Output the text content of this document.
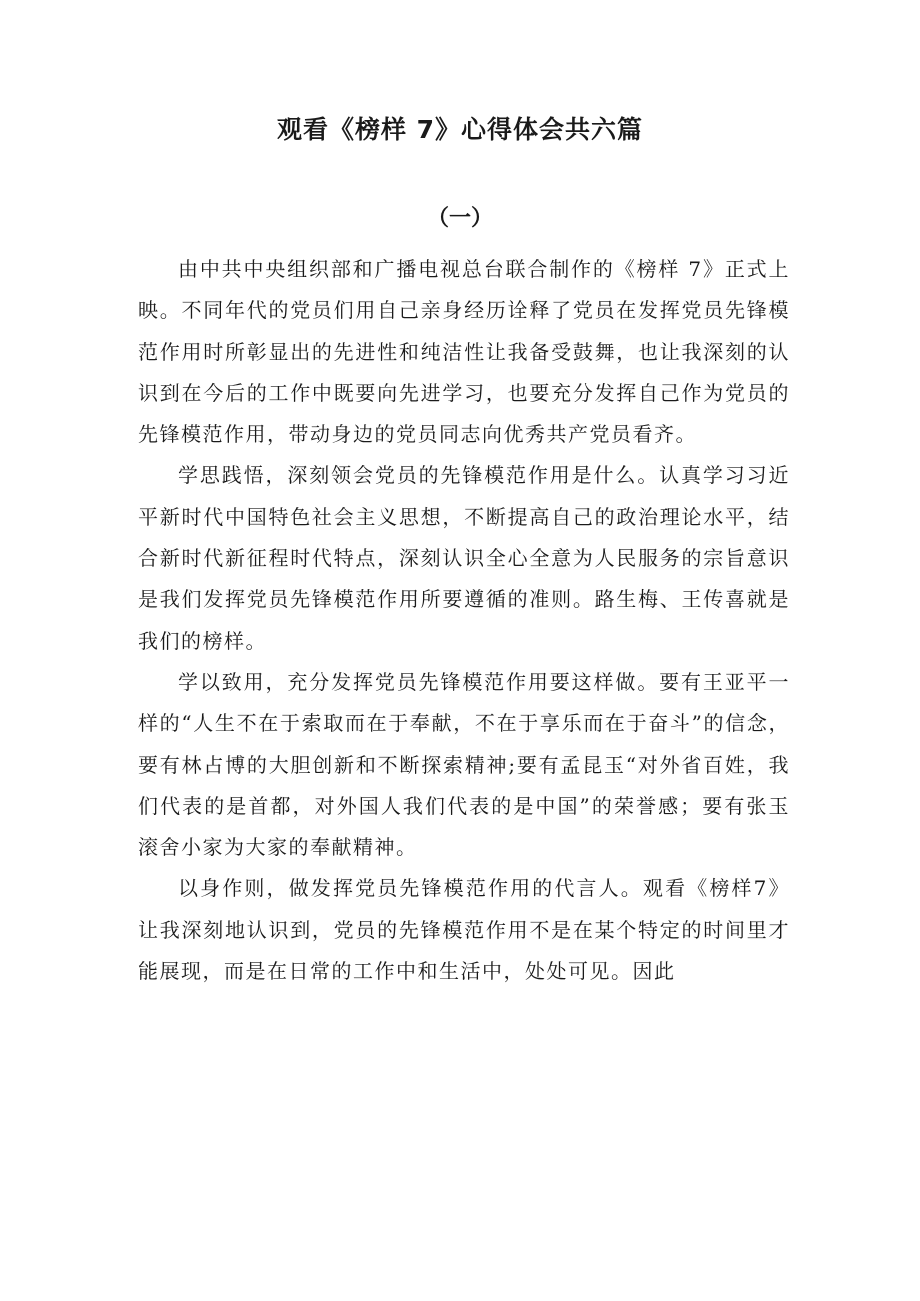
观看《榜样 7》心得体会共六篇
（一）

由中共中央组织部和广播电视总台联合制作的《榜样 7》正式上映。不同年代的党员们用自己亲身经历诠释了党员在发挥党员先锋模范作用时所彰显出的先进性和纯洁性让我备受鼓舞，也让我深刻的认识到在今后的工作中既要向先进学习，也要充分发挥自己作为党员的先锋模范作用，带动身边的党员同志向优秀共产党员看齐。

学思践悟，深刻领会党员的先锋模范作用是什么。认真学习习近平新时代中国特色社会主义思想，不断提高自己的政治理论水平，结合新时代新征程时代特点，深刻认识全心全意为人民服务的宗旨意识是我们发挥党员先锋模范作用所要遵循的准则。路生梅、王传喜就是我们的榜样。

学以致用，充分发挥党员先锋模范作用要这样做。要有王亚平一样的“人生不在于索取而在于奉献，不在于享乐而在于奋斗”的信念，要有林占博的大胆创新和不断探索精神;要有孟昆玉“对外省百姓，我们代表的是首都，对外国人我们代表的是中国”的荣誉感；要有张玉滚舍小家为大家的奉献精神。

以身作则，做发挥党员先锋模范作用的代言人。观看《榜样7》让我深刻地认识到，党员的先锋模范作用不是在某个特定的时间里才能展现，而是在日常的工作中和生活中，处处可见。因此
